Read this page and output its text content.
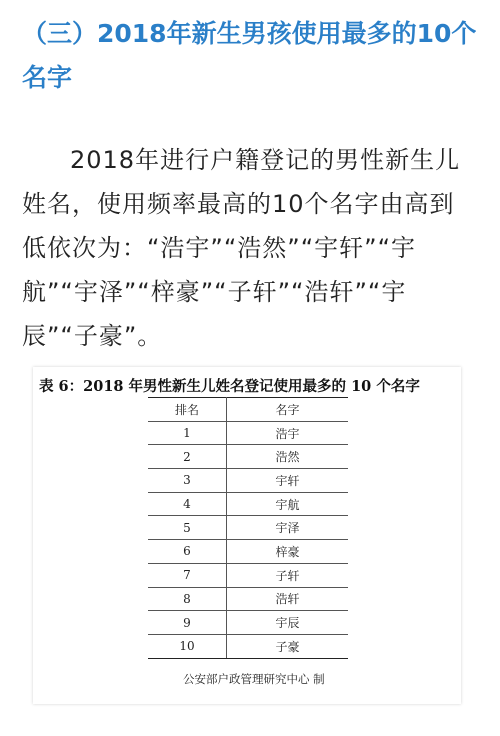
（三）2018年新生男孩使用最多的10个名字

2018年进行户籍登记的男性新生儿姓名，使用频率最高的10个名字由高到低依次为：“浩宇”“浩然”“宇轩”“宇航”“宇泽”“梓豪”“子轩”“浩轩”“宇辰”“子豪”。

表 6：2018 年男性新生儿姓名登记使用最多的 10 个名字
排名	名字
1	浩宇
2	浩然
3	宇轩
4	宇航
5	宇泽
6	梓豪
7	子轩
8	浩轩
9	宇辰
10	子豪
公安部户政管理研究中心 制
